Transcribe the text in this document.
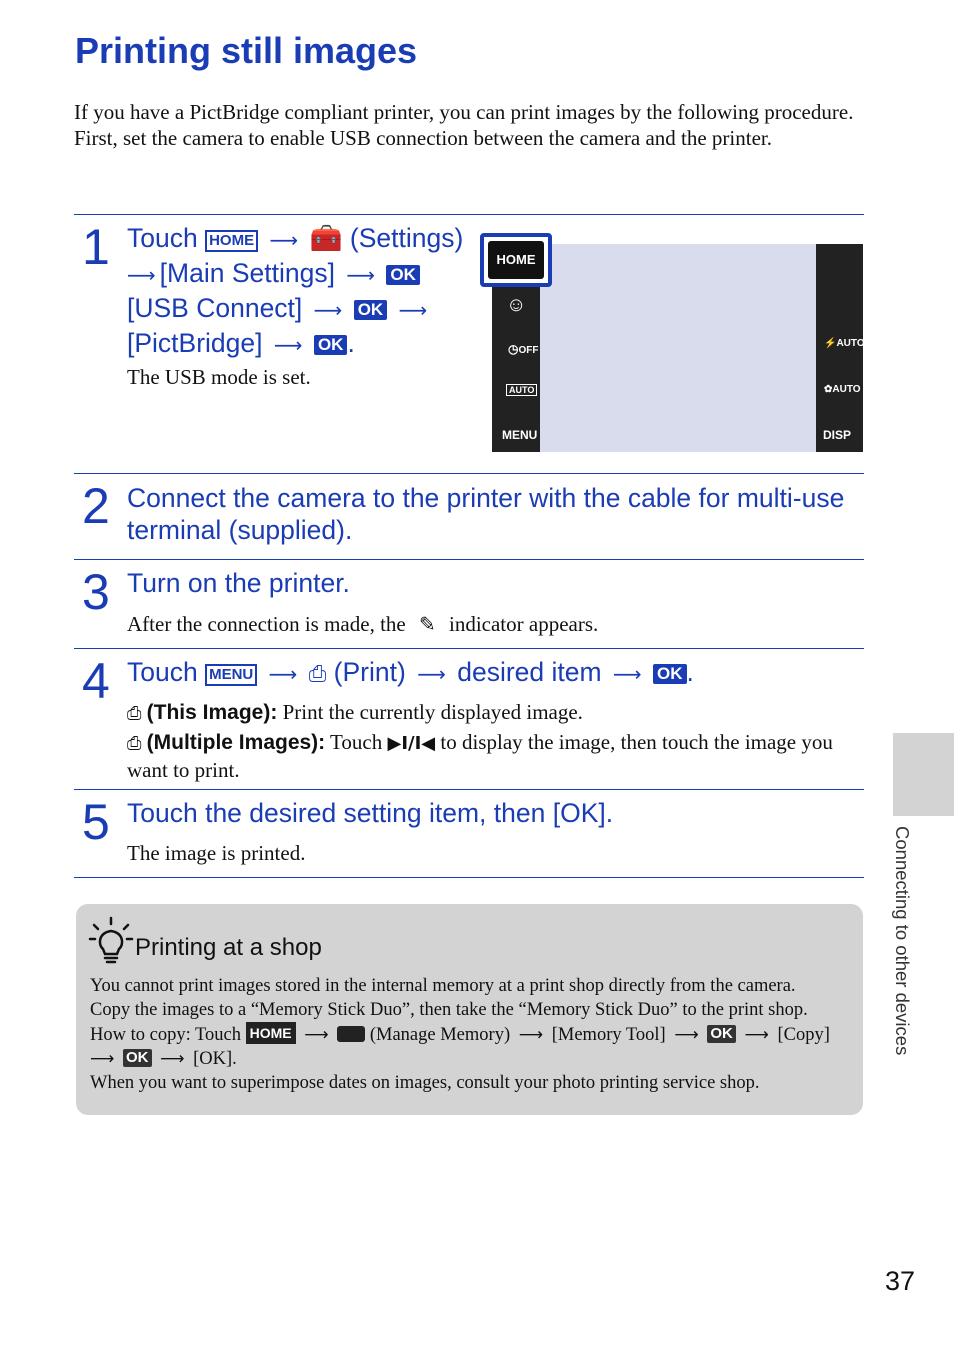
Printing still images
If you have a PictBridge compliant printer, you can print images by the following procedure.
First, set the camera to enable USB connection between the camera and the printer.
1 Touch HOME ⟶ 🧰 (Settings)
⟶ [Main Settings] ⟶ OK
[USB Connect] ⟶ OK ⟶
[PictBridge] ⟶ OK .
The USB mode is set.
HOME
☺
◷OFF
AUTO
MENU
⚡AUTO
✿AUTO
DISP
2 Connect the camera to the printer with the cable for multi-use terminal (supplied).
3 Turn on the printer.
After the connection is made, the ✎ indicator appears.
4 Touch MENU ⟶ ⎙ (Print) ⟶ desired item ⟶ OK .
⎙ (This Image): Print the currently displayed image.
⎙ (Multiple Images): Touch ▶I/I◀ to display the image, then touch the image you want to print.
5 Touch the desired setting item, then [OK].
The image is printed.
Printing at a shop
You cannot print images stored in the internal memory at a print shop directly from the camera.
Copy the images to a “Memory Stick Duo”, then take the “Memory Stick Duo” to the print shop.
How to copy: Touch HOME ⟶ (Manage Memory) ⟶ [Memory Tool] ⟶ OK ⟶ [Copy]
⟶ OK ⟶ [OK].
When you want to superimpose dates on images, consult your photo printing service shop.
Connecting to other devices
37
